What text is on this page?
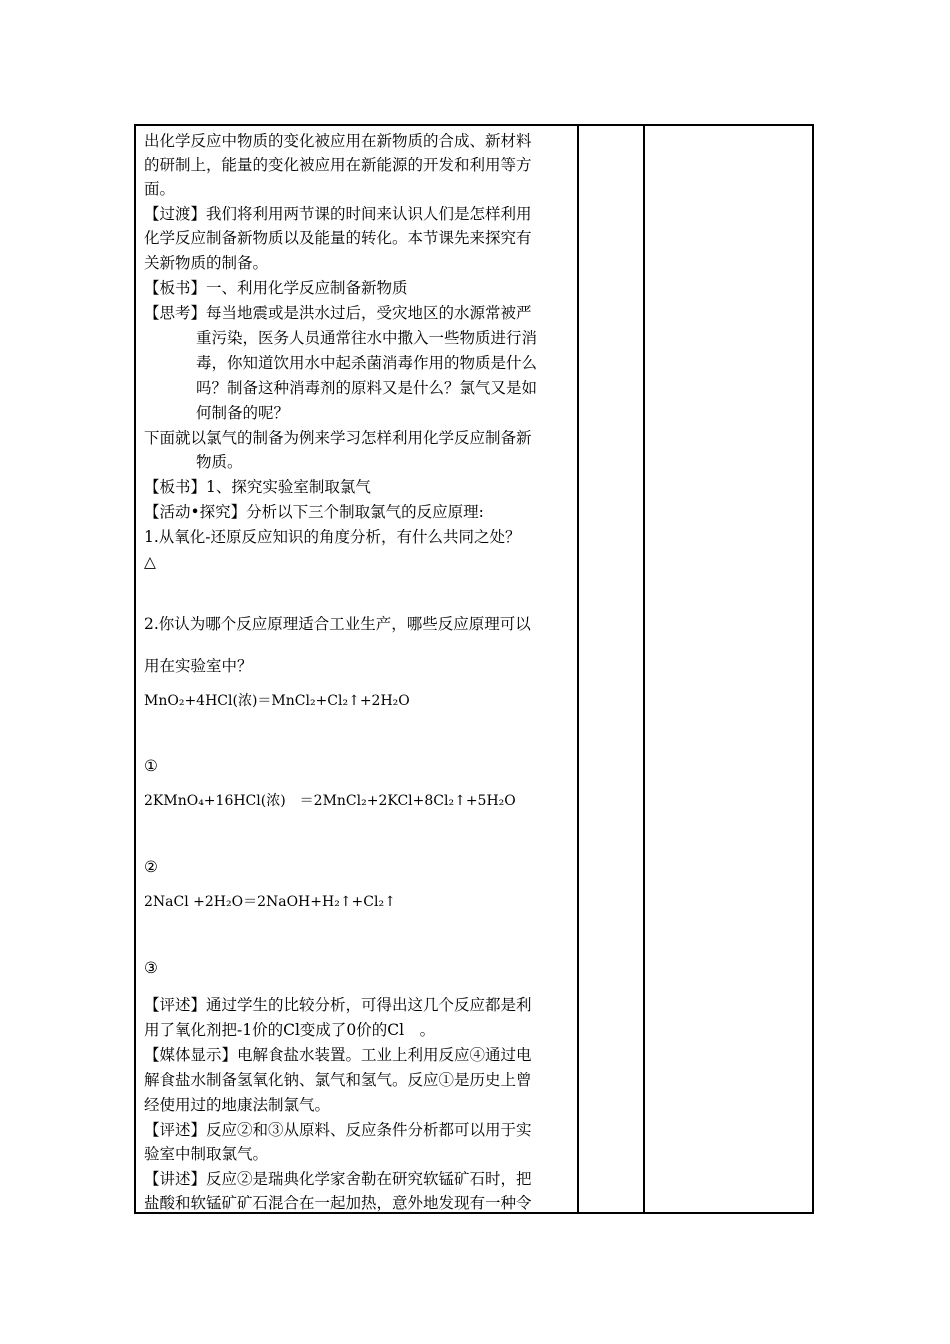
出化学反应中物质的变化被应用在新物质的合成、新材料
的研制上，能量的变化被应用在新能源的开发和利用等方
面。
【过渡】我们将利用两节课的时间来认识人们是怎样利用
化学反应制备新物质以及能量的转化。本节课先来探究有
关新物质的制备。
【板书】一、利用化学反应制备新物质
【思考】每当地震或是洪水过后，受灾地区的水源常被严
重污染，医务人员通常往水中撒入一些物质进行消
毒，你知道饮用水中起杀菌消毒作用的物质是什么
吗？制备这种消毒剂的原料又是什么？氯气又是如
何制备的呢？
下面就以氯气的制备为例来学习怎样利用化学反应制备新
物质。
【板书】1、探究实验室制取氯气
【活动•探究】分析以下三个制取氯气的反应原理:
1.从氧化-还原反应知识的角度分析，有什么共同之处？
△
2.你认为哪个反应原理适合工业生产，哪些反应原理可以
用在实验室中？
MnO₂+4HCl(浓)＝MnCl₂+Cl₂↑+2H₂O
①
2KMnO₄+16HCl(浓)　＝2MnCl₂+2KCl+8Cl₂↑+5H₂O
②
2NaCl +2H₂O＝2NaOH+H₂↑+Cl₂↑
③
【评述】通过学生的比较分析，可得出这几个反应都是利
用了氧化剂把-1价的Cl变成了0价的Cl　。
【媒体显示】电解食盐水装置。工业上利用反应④通过电
解食盐水制备氢氧化钠、氯气和氢气。反应①是历史上曾
经使用过的地康法制氯气。
【评述】反应②和③从原料、反应条件分析都可以用于实
验室中制取氯气。
【讲述】反应②是瑞典化学家舍勒在研究软锰矿石时，把
盐酸和软锰矿矿石混合在一起加热，意外地发现有一种令
